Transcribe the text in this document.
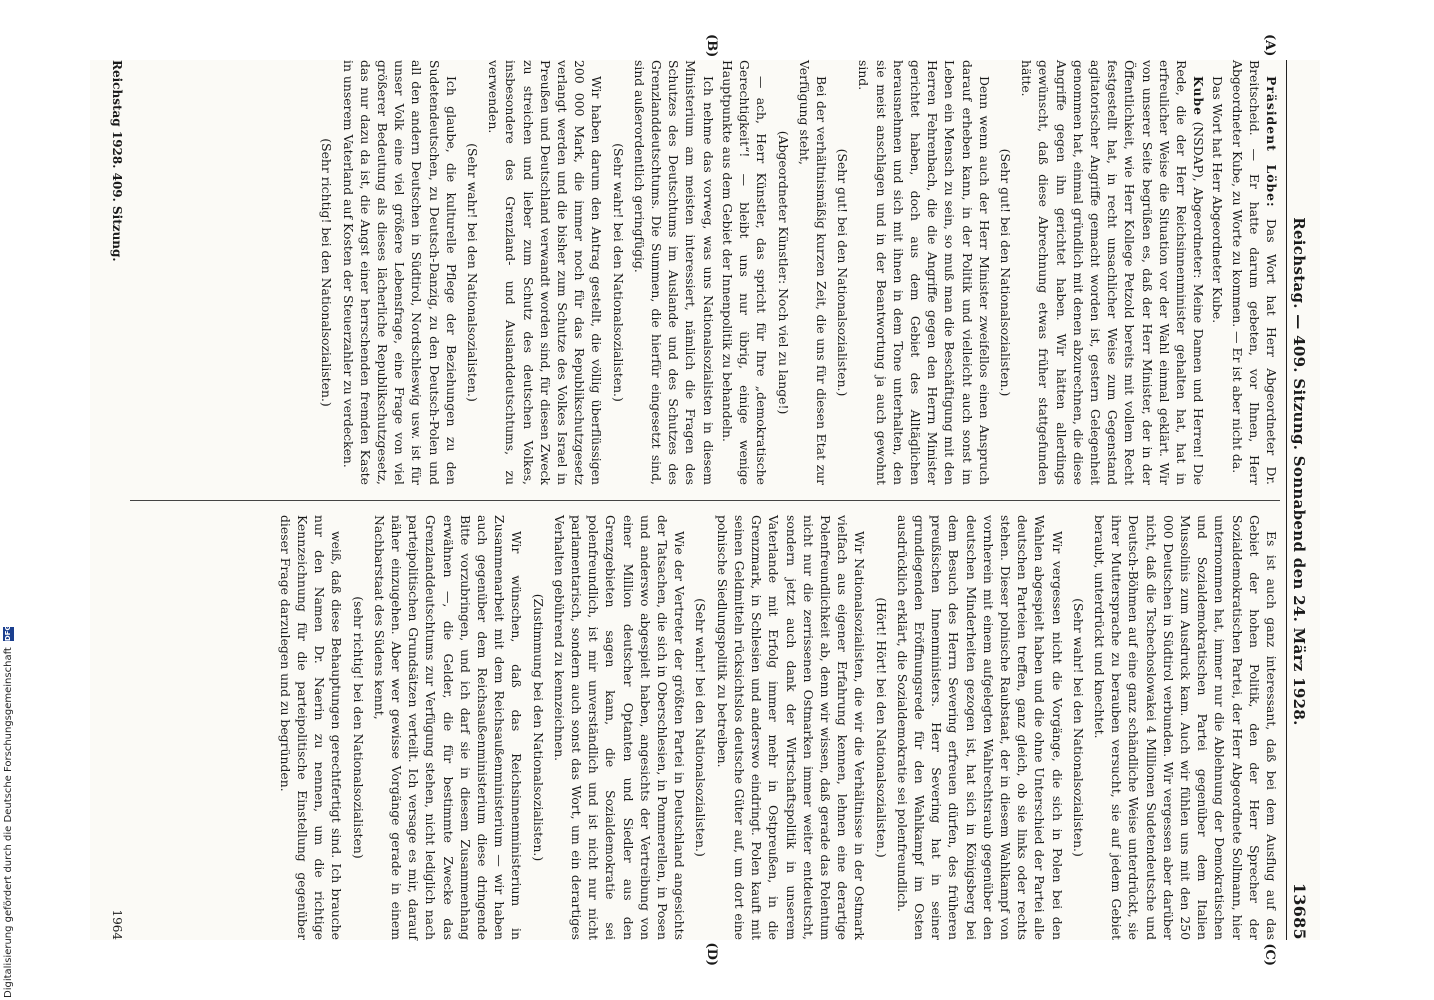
Reichstag. — 409. Sitzung. Sonnabend den 24. März 1928.
13685
(A)
(B)

Präsident Löbe: Das Wort hat Herr Abgeordneter Dr. Breitscheid. — Er hatte darum gebeten, vor Ihnen, Herr Abgeordneter Kube, zu Worte zu kommen. — Er ist aber nicht da.

Das Wort hat Herr Abgeordneter Kube.

Kube (NSDAP), Abgeordneter: Meine Damen und Herren! Die Rede, die der Herr Reichsinnenminister gehalten hat, hat in erfreulicher Weise die Situation vor der Wahl einmal geklärt. Wir von unserer Seite begrüßen es, daß der Herr Minister, der in der Öffentlichkeit, wie Herr Kollege Petzold bereits mit vollem Recht festgestellt hat, in recht unsachlicher Weise zum Gegenstand agitatorischer Angriffe gemacht worden ist, gestern Gelegenheit genommen hat, einmal gründlich mit denen abzurechnen, die diese Angriffe gegen ihn gerichtet haben. Wir hätten allerdings gewünscht, daß diese Abrechnung etwas früher stattgefunden hätte.

(Sehr gut! bei den Nationalsozialisten.)

Denn wenn auch der Herr Minister zweifellos einen Anspruch darauf erheben kann, in der Politik und vielleicht auch sonst im Leben ein Mensch zu sein, so muß man die Beschäftigung mit den Herren Fehrenbach, die die Angriffe gegen den Herrn Minister gerichtet haben, doch aus dem Gebiet des Alltäglichen herausnehmen und sich mit ihnen in dem Tone unterhalten, den sie meist anschlagen und in der Beantwortung ja auch gewohnt sind.

(Sehr gut! bei den Nationalsozialisten.)

Bei der verhältnismäßig kurzen Zeit, die uns für diesen Etat zur Verfügung steht,

(Abgeordneter Künstler: Noch viel zu lange!)

— ach, Herr Künstler, das spricht für Ihre „demokratische Gerechtigkeit“! — bleibt uns nur übrig, einige wenige Hauptpunkte aus dem Gebiet der Innenpolitik zu behandeln.

Ich nehme das vorweg, was uns Nationalsozialisten in diesem Ministerium am meisten interessiert, nämlich die Fragen des Schutzes des Deutschtums im Auslande und des Schutzes des Grenzlanddeutschtums. Die Summen, die hierfür eingesetzt sind, sind außerordentlich geringfügig.

(Sehr wahr! bei den Nationalsozialisten.)

Wir haben darum den Antrag gestellt, die völlig überflüssigen 200 000 Mark, die immer noch für das Republikschutzgesetz verlangt werden und die bisher zum Schutze des Volkes Israel in Preußen und Deutschland verwandt worden sind, für diesen Zweck zu streichen und lieber zum Schutz des deutschen Volkes, insbesondere des Grenzland- und Auslanddeutschtums, zu verwenden.

(Sehr wahr! bei den Nationalsozialisten.)

Ich glaube, die kulturelle Pflege der Beziehungen zu den Sudetendeutschen, zu Deutsch-Danzig, zu den Deutsch-Polen und all den andern Deutschen in Südtirol, Nordschleswig usw. ist für unser Volk eine viel größere Lebensfrage, eine Frage von viel größerer Bedeutung als dieses lächerliche Republikschutzgesetz, das nur dazu da ist, die Angst einer herrschenden fremden Kaste in unserem Vaterland auf Kosten der Steuerzahler zu verdecken.

(Sehr richtig! bei den Nationalsozialisten.)

(C)
(D)

Es ist auch ganz interessant, daß bei dem Ausflug auf das Gebiet der hohen Politik, den der Herr Sprecher der Sozialdemokratischen Partei, der Herr Abgeordnete Sollmann, hier unternommen hat, immer nur die Ablehnung der Demokratischen und Sozialdemokratischen Partei gegenüber dem Italien Mussolinis zum Ausdruck kam. Auch wir fühlen uns mit den 250 000 Deutschen in Südtirol verbunden. Wir vergessen aber darüber nicht, daß die Tschechoslowakei 4 Millionen Sudetendeutsche und Deutsch-Böhmen auf eine ganz schändliche Weise unterdrückt, sie ihrer Muttersprache zu berauben versucht, sie auf jedem Gebiet beraubt, unterdrückt und knechtet.

(Sehr wahr! bei den Nationalsozialisten.)

Wir vergessen nicht die Vorgänge, die sich in Polen bei den Wahlen abgespielt haben und die ohne Unterschied der Partei alle deutschen Parteien treffen, ganz gleich, ob sie links oder rechts stehen. Dieser polnische Raubstaat, der in diesem Wahlkampf von vornherein mit einem aufgelegten Wahlrechtsraub gegenüber den deutschen Minderheiten gezogen ist, hat sich in Königsberg bei dem Besuch des Herrn Severing erfreuen dürfen, des früheren preußischen Innenministers. Herr Severing hat in seiner grundlegenden Eröffnungsrede für den Wahlkampf im Osten ausdrücklich erklärt, die Sozialdemokratie sei polenfreundlich.

(Hört! Hört! bei den Nationalsozialisten.)

Wir Nationalsozialisten, die wir die Verhältnisse in der Ostmark vielfach aus eigener Erfahrung kennen, lehnen eine derartige Polenfreundlichkeit ab, denn wir wissen, daß gerade das Polentum nicht nur die zerrissenen Ostmarken immer weiter entdeutscht, sondern jetzt auch dank der Wirtschaftspolitik in unserem Vaterlande mit Erfolg immer mehr in Ostpreußen, in die Grenzmark, in Schlesien und anderswo eindringt. Polen kauft mit seinen Geldmitteln rücksichtslos deutsche Güter auf, um dort eine polnische Siedlungspolitik zu betreiben.

(Sehr wahr! bei den Nationalsozialisten.)

Wie der Vertreter der größten Partei in Deutschland angesichts der Tatsachen, die sich in Oberschlesien, in Pommerellen, in Posen und anderswo abgespielt haben, angesichts der Vertreibung von einer Million deutscher Optanten und Siedler aus den Grenzgebieten sagen kann, die Sozialdemokratie sei polenfreundlich, ist mir unverständlich und ist nicht nur nicht parlamentarisch, sondern auch sonst das Wort, um ein derartiges Verhalten gebührend zu kennzeichnen.

(Zustimmung bei den Nationalsozialisten.)

Wir wünschen, daß das Reichsinnenministerium in Zusammenarbeit mit dem Reichsaußenministerium — wir haben auch gegenüber dem Reichsaußenministerium diese dringende Bitte vorzubringen, und ich darf sie in diesem Zusammenhang erwähnen —, die Gelder, die für bestimmte Zwecke das Grenzlanddeutschtums zur Verfügung stehen, nicht lediglich nach parteipolitischen Grundsätzen verteilt. Ich versage es mir, darauf näher einzugehen. Aber wer gewisse Vorgänge gerade in einem Nachbarstaat des Südens kennt,

(sehr richtig! bei den Nationalsozialisten)

weiß, daß diese Behauptungen gerechtfertigt sind. Ich brauche nur den Namen Dr. Naerin zu nennen, um die richtige Kennzeichnung für die parteipolitische Einstellung gegenüber dieser Frage darzulegen und zu begründen.

Reichstag 1928. 409. Sitzung.
1964
Digitalisierung gefördert durch die Deutsche Forschungsgemeinschaft
DFG
